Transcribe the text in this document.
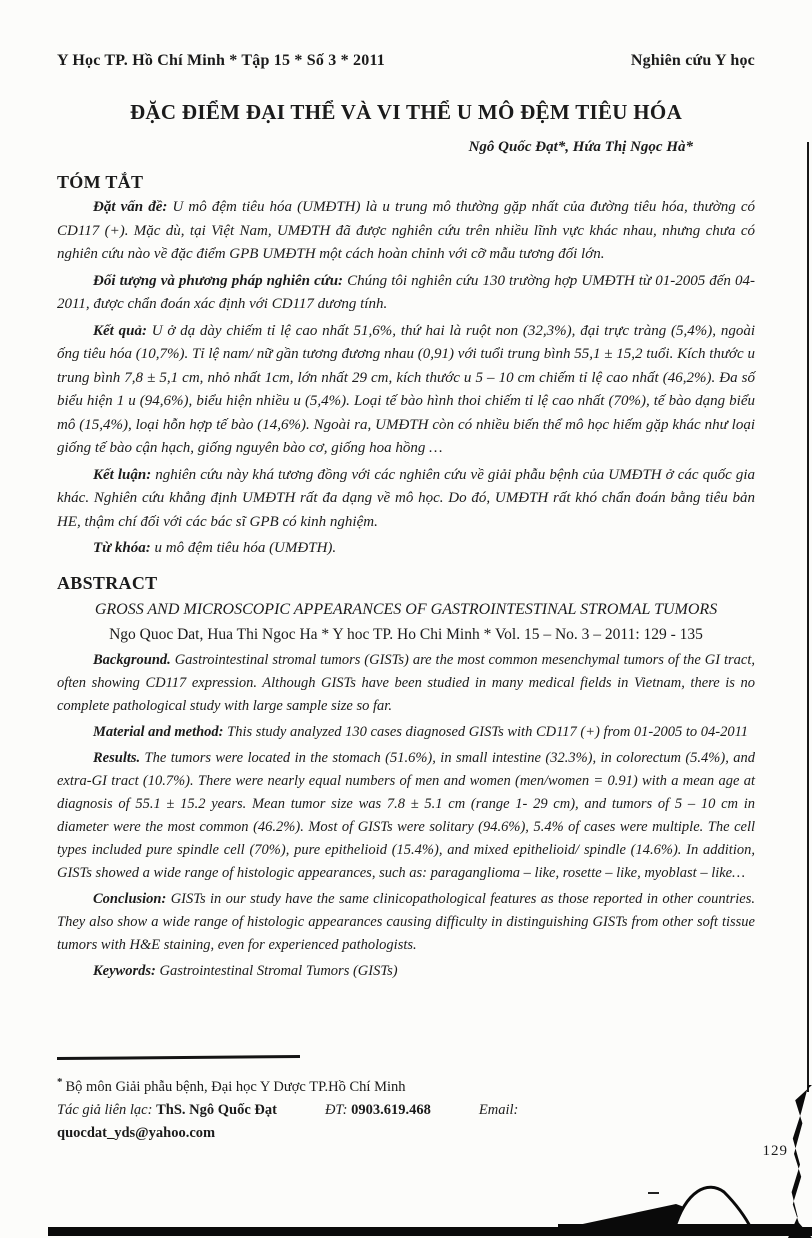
Y Học TP. Hồ Chí Minh * Tập 15 * Số 3 * 2011	Nghiên cứu Y học
ĐẶC ĐIỂM ĐẠI THỂ VÀ VI THỂ U MÔ ĐỆM TIÊU HÓA
Ngô Quốc Đạt*, Hứa Thị Ngọc Hà*
TÓM TẮT

Đặt vấn đề: U mô đệm tiêu hóa (UMĐTH) là u trung mô thường gặp nhất của đường tiêu hóa, thường có CD117 (+). Mặc dù, tại Việt Nam, UMĐTH đã được nghiên cứu trên nhiều lĩnh vực khác nhau, nhưng chưa có nghiên cứu nào về đặc điểm GPB UMĐTH một cách hoàn chỉnh với cỡ mẫu tương đối lớn.

Đối tượng và phương pháp nghiên cứu: Chúng tôi nghiên cứu 130 trường hợp UMĐTH từ 01-2005 đến 04-2011, được chẩn đoán xác định với CD117 dương tính.

Kết quả: U ở dạ dày chiếm tỉ lệ cao nhất 51,6%, thứ hai là ruột non (32,3%), đại trực tràng (5,4%), ngoài ống tiêu hóa (10,7%). Tỉ lệ nam/ nữ gần tương đương nhau (0,91) với tuổi trung bình 55,1 ± 15,2 tuổi. Kích thước u trung bình 7,8 ± 5,1 cm, nhỏ nhất 1cm, lớn nhất 29 cm, kích thước u 5 – 10 cm chiếm tỉ lệ cao nhất (46,2%). Đa số biểu hiện 1 u (94,6%), biểu hiện nhiều u (5,4%). Loại tế bào hình thoi chiếm tỉ lệ cao nhất (70%), tế bào dạng biểu mô (15,4%), loại hỗn hợp tế bào (14,6%). Ngoài ra, UMĐTH còn có nhiều biến thể mô học hiếm gặp khác như loại giống tế bào cận hạch, giống nguyên bào cơ, giống hoa hồng …

Kết luận: nghiên cứu này khá tương đồng với các nghiên cứu về giải phẫu bệnh của UMĐTH ở các quốc gia khác. Nghiên cứu khẳng định UMĐTH rất đa dạng về mô học. Do đó, UMĐTH rất khó chẩn đoán bằng tiêu bản HE, thậm chí đối với các bác sĩ GPB có kinh nghiệm.

Từ khóa: u mô đệm tiêu hóa (UMĐTH).

ABSTRACT
GROSS AND MICROSCOPIC APPEARANCES OF GASTROINTESTINAL STROMAL TUMORS
Ngo Quoc Dat, Hua Thi Ngoc Ha * Y hoc TP. Ho Chi Minh * Vol. 15 – No. 3 – 2011: 129 - 135

Background. Gastrointestinal stromal tumors (GISTs) are the most common mesenchymal tumors of the GI tract, often showing CD117 expression. Although GISTs have been studied in many medical fields in Vietnam, there is no complete pathological study with large sample size so far.

Material and method: This study analyzed 130 cases diagnosed GISTs with CD117 (+) from 01-2005 to 04-2011

Results. The tumors were located in the stomach (51.6%), in small intestine (32.3%), in colorectum (5.4%), and extra-GI tract (10.7%). There were nearly equal numbers of men and women (men/women = 0.91) with a mean age at diagnosis of 55.1 ± 15.2 years. Mean tumor size was 7.8 ± 5.1 cm (range 1- 29 cm), and tumors of 5 – 10 cm in diameter were the most common (46.2%). Most of GISTs were solitary (94.6%), 5.4% of cases were multiple. The cell types included pure spindle cell (70%), pure epithelioid (15.4%), and mixed epithelioid/ spindle (14.6%). In addition, GISTs showed a wide range of histologic appearances, such as: paraganglioma – like, rosette – like, myoblast – like…

Conclusion: GISTs in our study have the same clinicopathological features as those reported in other countries. They also show a wide range of histologic appearances causing difficulty in distinguishing GISTs from other soft tissue tumors with H&E staining, even for experienced pathologists.

Keywords: Gastrointestinal Stromal Tumors (GISTs)

* Bộ môn Giải phẫu bệnh, Đại học Y Dược TP.Hồ Chí Minh
Tác giả liên lạc: ThS. Ngô Quốc Đạt	ĐT: 0903.619.468	Email: quocdat_yds@yahoo.com
129
